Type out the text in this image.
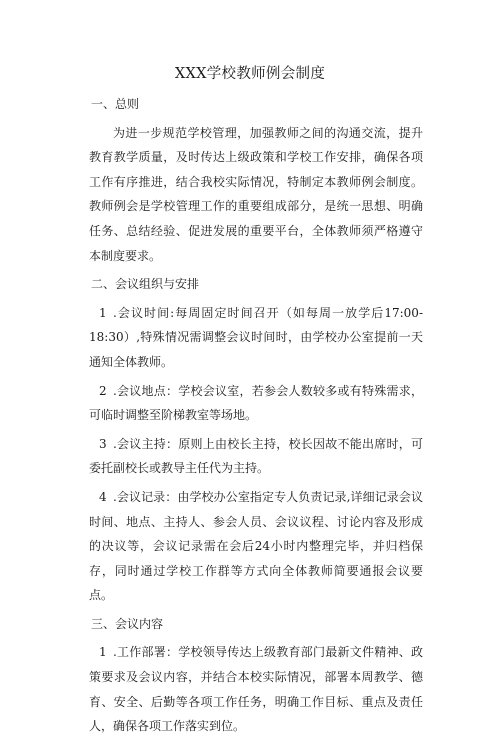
XXX学校教师例会制度
一、总则

为进一步规范学校管理，加强教师之间的沟通交流，提升教育教学质量，及时传达上级政策和学校工作安排，确保各项工作有序推进，结合我校实际情况，特制定本教师例会制度。教师例会是学校管理工作的重要组成部分，是统一思想、明确任务、总结经验、促进发展的重要平台，全体教师须严格遵守本制度要求。

二、会议组织与安排

1 .会议时间:每周固定时间召开（如每周一放学后17:00-18:30）,特殊情况需调整会议时间时，由学校办公室提前一天通知全体教师。

2 .会议地点：学校会议室，若参会人数较多或有特殊需求，可临时调整至阶梯教室等场地。

3 .会议主持：原则上由校长主持，校长因故不能出席时，可委托副校长或教导主任代为主持。

4 .会议记录：由学校办公室指定专人负责记录,详细记录会议时间、地点、主持人、参会人员、会议议程、讨论内容及形成的决议等，会议记录需在会后24小时内整理完毕，并归档保存，同时通过学校工作群等方式向全体教师简要通报会议要点。

三、会议内容

1 .工作部署：学校领导传达上级教育部门最新文件精神、政策要求及会议内容，并结合本校实际情况，部署本周教学、德育、安全、后勤等各项工作任务，明确工作目标、重点及责任人，确保各项工作落实到位。
